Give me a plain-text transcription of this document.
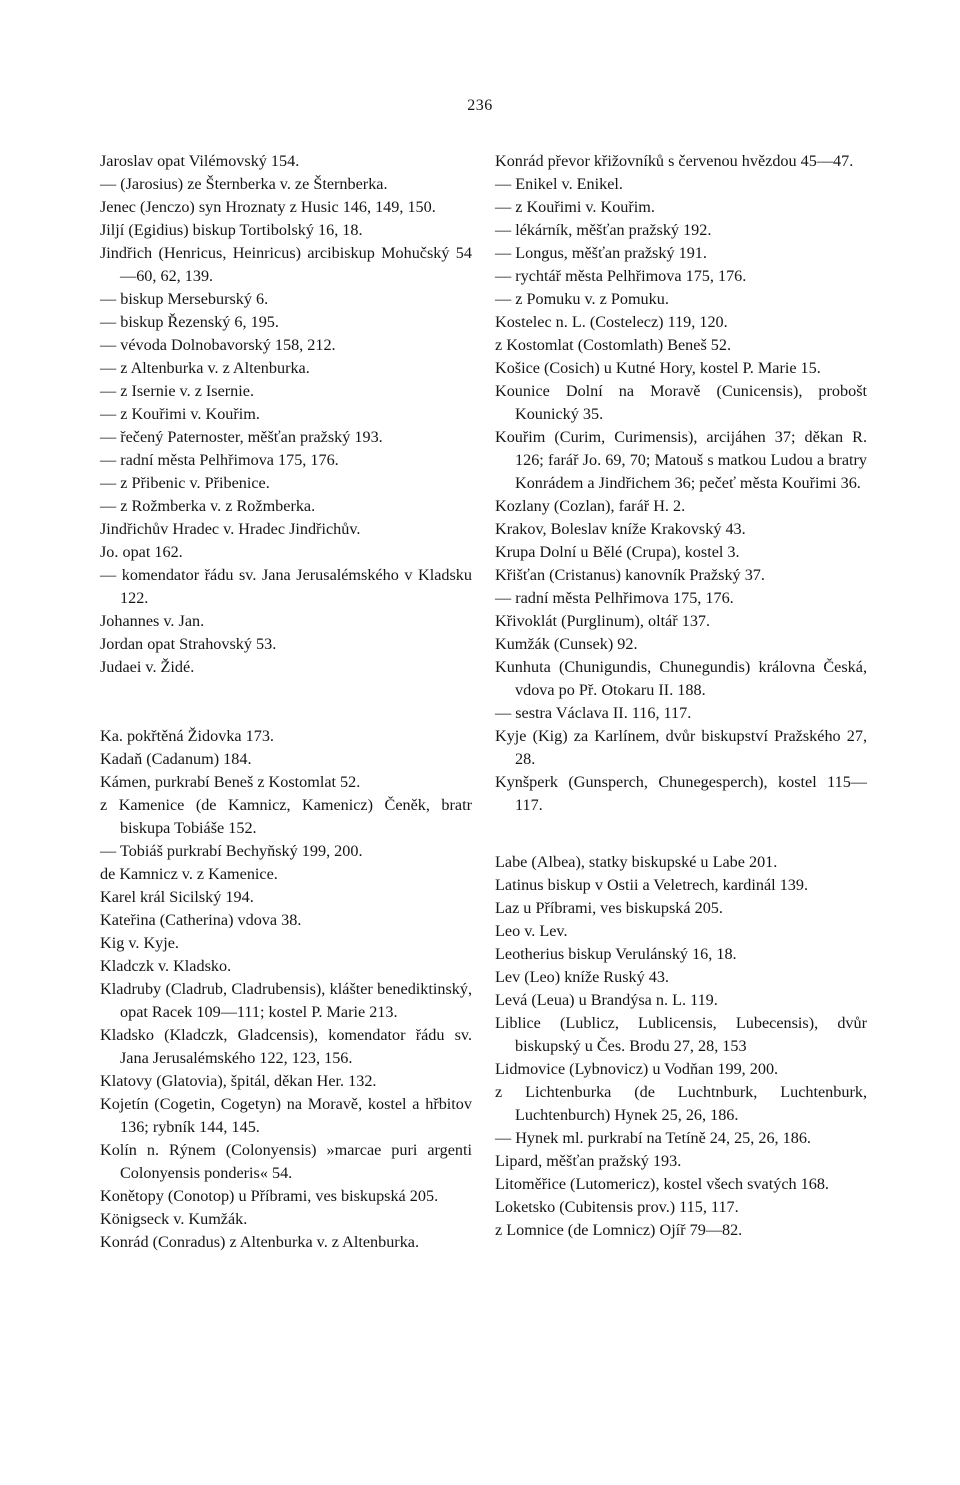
236

Jaroslav opat Vilémovský 154.

— (Jarosius) ze Šternberka v. ze Šternberka.

Jenec (Jenczo) syn Hroznaty z Husic 146, 149, 150.

Jiljí (Egidius) biskup Tortibolský 16, 18.

Jindřich (Henricus, Heinricus) arcibiskup Mohučský 54—60, 62, 139.

— biskup Merseburský 6.

— biskup Řezenský 6, 195.

— vévoda Dolnobavorský 158, 212.

— z Altenburka v. z Altenburka.

— z Isernie v. z Isernie.

— z Kouřimi v. Kouřim.

— řečený Paternoster, měšťan pražský 193.

— radní města Pelhřimova 175, 176.

— z Přibenic v. Přibenice.

— z Rožmberka v. z Rožmberka.

Jindřichův Hradec v. Hradec Jindřichův.

Jo. opat 162.

— komendator řádu sv. Jana Jerusalémského v Kladsku 122.

Johannes v. Jan.

Jordan opat Strahovský 53.

Judaei v. Židé.

Ka. pokřtěná Židovka 173.

Kadaň (Cadanum) 184.

Kámen, purkrabí Beneš z Kostomlat 52.

z Kamenice (de Kamnicz, Kamenicz) Čeněk, bratr biskupa Tobiáše 152.

— Tobiáš purkrabí Bechyňský 199, 200.

de Kamnicz v. z Kamenice.

Karel král Sicilský 194.

Kateřina (Catherina) vdova 38.

Kig v. Kyje.

Kladczk v. Kladsko.

Kladruby (Cladrub, Cladrubensis), klášter benediktinský, opat Racek 109—111; kostel P. Marie 213.

Kladsko (Kladczk, Gladcensis), komendator řádu sv. Jana Jerusalémského 122, 123, 156.

Klatovy (Glatovia), špitál, děkan Her. 132.

Kojetín (Cogetin, Cogetyn) na Moravě, kostel a hřbitov 136; rybník 144, 145.

Kolín n. Rýnem (Colonyensis) »marcae puri argenti Colonyensis ponderis« 54.

Konětopy (Conotop) u Příbrami, ves biskupská 205.

Königseck v. Kumžák.

Konrád (Conradus) z Altenburka v. z Altenburka.

Konrád převor křižovníků s červenou hvězdou 45—47.

— Enikel v. Enikel.

— z Kouřimi v. Kouřim.

— lékárník, měšťan pražský 192.

— Longus, měšťan pražský 191.

— rychtář města Pelhřimova 175, 176.

— z Pomuku v. z Pomuku.

Kostelec n. L. (Costelecz) 119, 120.

z Kostomlat (Costomlath) Beneš 52.

Košice (Cosich) u Kutné Hory, kostel P. Marie 15.

Kounice Dolní na Moravě (Cunicensis), probošt Kounický 35.

Kouřim (Curim, Curimensis), arcijáhen 37; děkan R. 126; farář Jo. 69, 70; Matouš s matkou Ludou a bratry Konrádem a Jindřichem 36; pečeť města Kouřimi 36.

Kozlany (Cozlan), farář H. 2.

Krakov, Boleslav kníže Krakovský 43.

Krupa Dolní u Bělé (Crupa), kostel 3.

Křišťan (Cristanus) kanovník Pražský 37.

— radní města Pelhřimova 175, 176.

Křivoklát (Purglinum), oltář 137.

Kumžák (Cunsek) 92.

Kunhuta (Chunigundis, Chunegundis) královna Česká, vdova po Př. Otokaru II. 188.

— sestra Václava II. 116, 117.

Kyje (Kig) za Karlínem, dvůr biskupství Pražského 27, 28.

Kynšperk (Gunsperch, Chunegesperch), kostel 115—117.

Labe (Albea), statky biskupské u Labe 201.

Latinus biskup v Ostii a Veletrech, kardinál 139.

Laz u Příbrami, ves biskupská 205.

Leo v. Lev.

Leotherius biskup Verulánský 16, 18.

Lev (Leo) kníže Ruský 43.

Levá (Leua) u Brandýsa n. L. 119.

Liblice (Lublicz, Lublicensis, Lubecensis), dvůr biskupský u Čes. Brodu 27, 28, 153

Lidmovice (Lybnovicz) u Vodňan 199, 200.

z Lichtenburka (de Luchtnburk, Luchtenburk, Luchtenburch) Hynek 25, 26, 186.

— Hynek ml. purkrabí na Tetíně 24, 25, 26, 186.

Lipard, měšťan pražský 193.

Litoměřice (Lutomericz), kostel všech svatých 168.

Loketsko (Cubitensis prov.) 115, 117.

z Lomnice (de Lomnicz) Ojíř 79—82.
